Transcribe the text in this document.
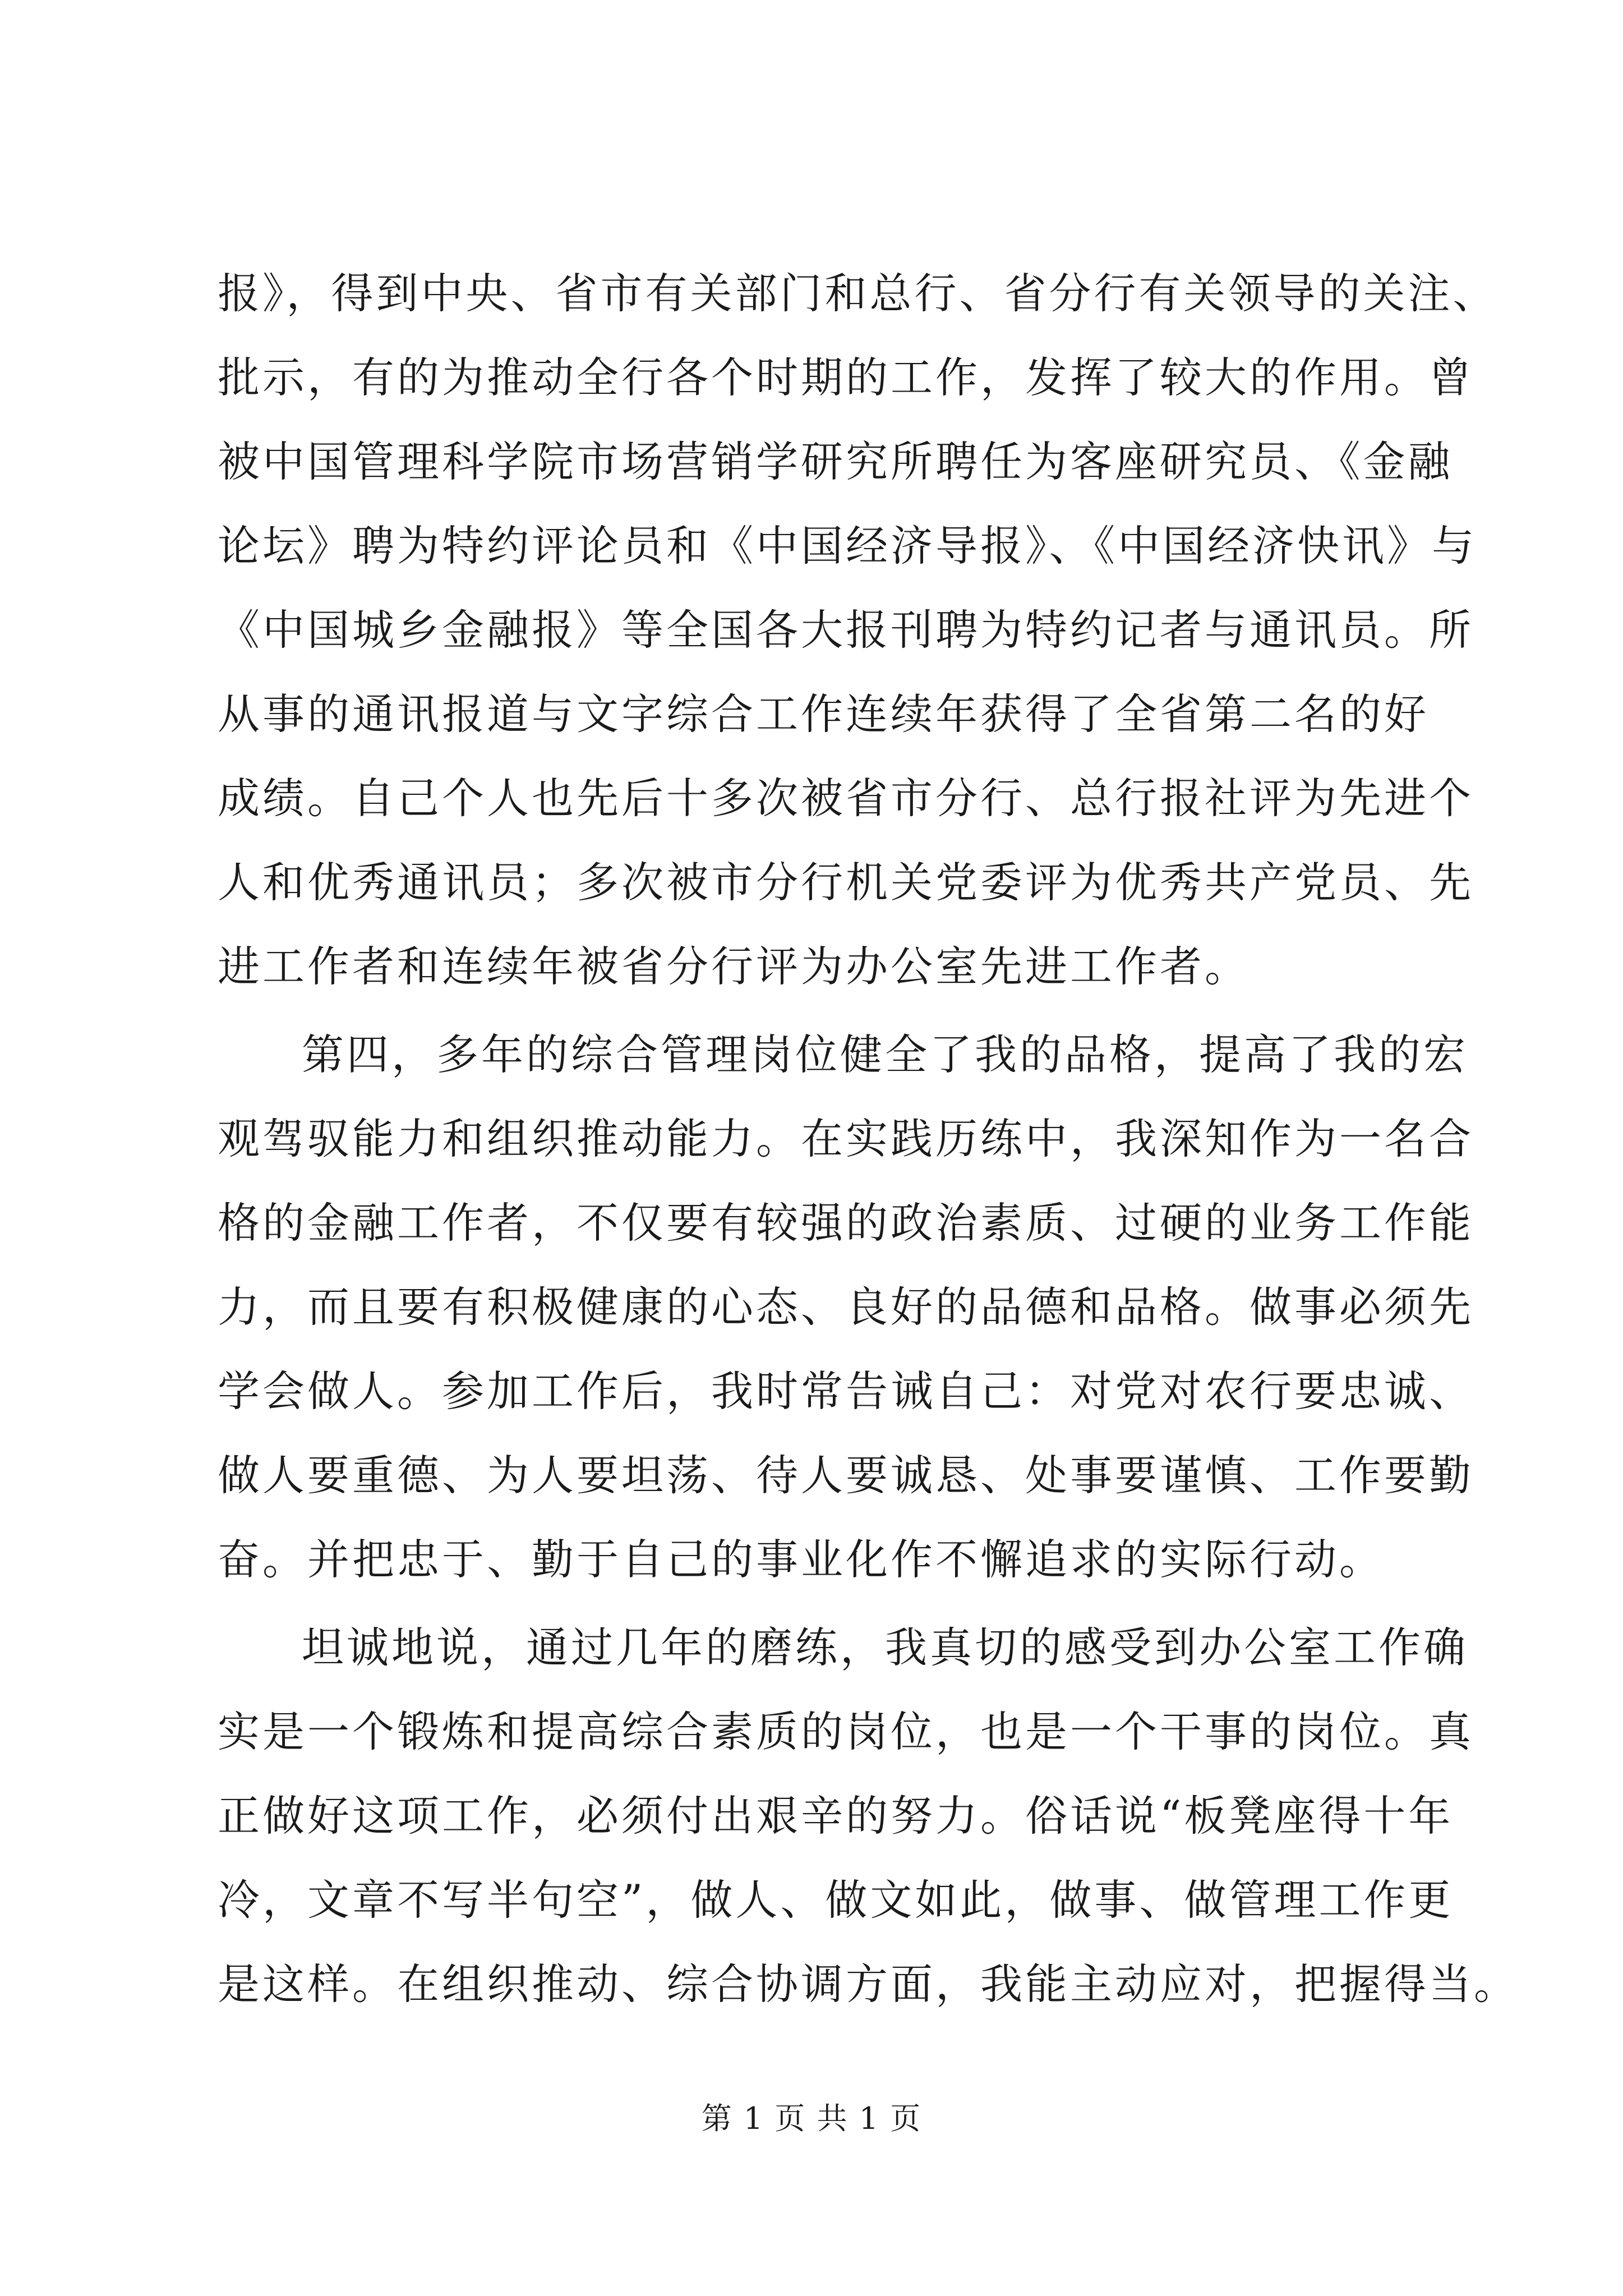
报》，得到中央、省市有关部门和总行、省分行有关领导的关注、
批示，有的为推动全行各个时期的工作，发挥了较大的作用。曾
被中国管理科学院市场营销学研究所聘任为客座研究员、《金融
论坛》聘为特约评论员和《中国经济导报》、《中国经济快讯》与
《中国城乡金融报》等全国各大报刊聘为特约记者与通讯员。所
从事的通讯报道与文字综合工作连续年获得了全省第二名的好
成绩。自己个人也先后十多次被省市分行、总行报社评为先进个
人和优秀通讯员；多次被市分行机关党委评为优秀共产党员、先
进工作者和连续年被省分行评为办公室先进工作者。
第四，多年的综合管理岗位健全了我的品格，提高了我的宏
观驾驭能力和组织推动能力。在实践历练中，我深知作为一名合
格的金融工作者，不仅要有较强的政治素质、过硬的业务工作能
力，而且要有积极健康的心态、良好的品德和品格。做事必须先
学会做人。参加工作后，我时常告诫自己：对党对农行要忠诚、
做人要重德、为人要坦荡、待人要诚恳、处事要谨慎、工作要勤
奋。并把忠于、勤于自己的事业化作不懈追求的实际行动。
坦诚地说，通过几年的磨练，我真切的感受到办公室工作确
实是一个锻炼和提高综合素质的岗位，也是一个干事的岗位。真
正做好这项工作，必须付出艰辛的努力。俗话说“板凳座得十年
冷，文章不写半句空”，做人、做文如此，做事、做管理工作更
是这样。在组织推动、综合协调方面，我能主动应对，把握得当。
第 1 页 共 1 页
